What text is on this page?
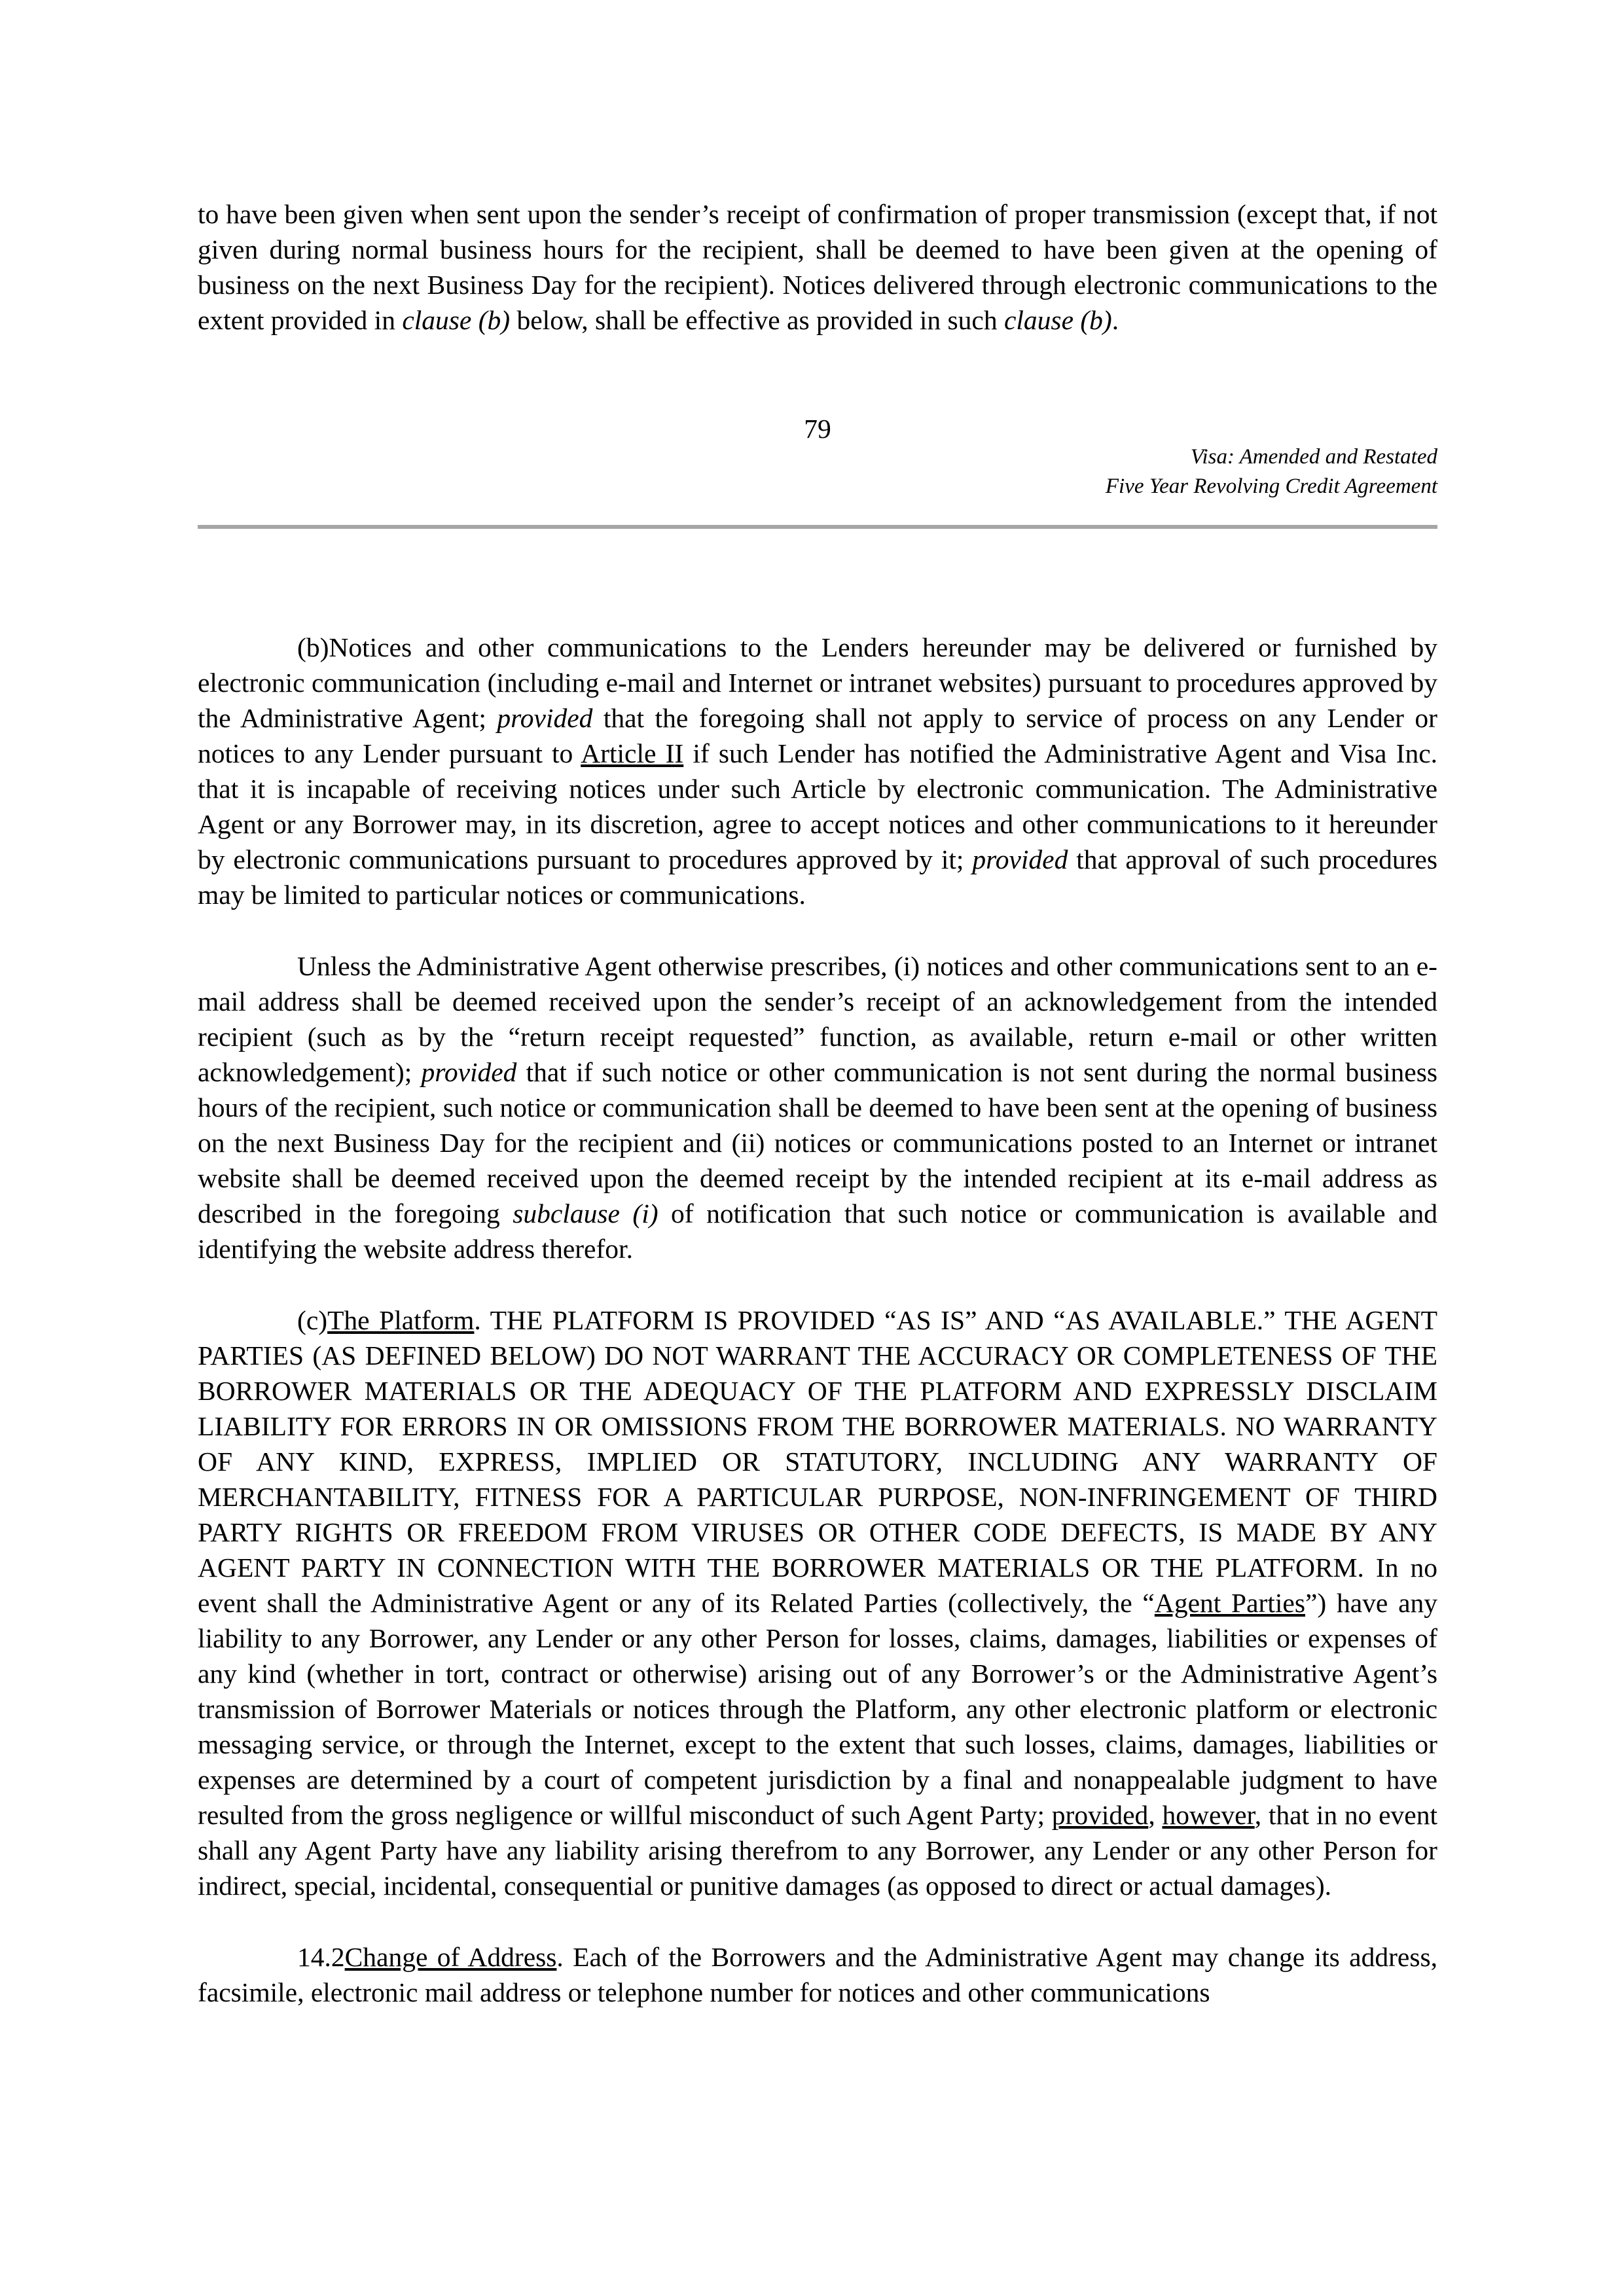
to have been given when sent upon the sender’s receipt of confirmation of proper transmission (except that, if not given during normal business hours for the recipient, shall be deemed to have been given at the opening of business on the next Business Day for the recipient). Notices delivered through electronic communications to the extent provided in clause (b) below, shall be effective as provided in such clause (b).

79
Visa: Amended and Restated
Five Year Revolving Credit Agreement

(b)Notices and other communications to the Lenders hereunder may be delivered or furnished by electronic communication (including e-mail and Internet or intranet websites) pursuant to procedures approved by the Administrative Agent; provided that the foregoing shall not apply to service of process on any Lender or notices to any Lender pursuant to Article II if such Lender has notified the Administrative Agent and Visa Inc. that it is incapable of receiving notices under such Article by electronic communication. The Administrative Agent or any Borrower may, in its discretion, agree to accept notices and other communications to it hereunder by electronic communications pursuant to procedures approved by it; provided that approval of such procedures may be limited to particular notices or communications.

Unless the Administrative Agent otherwise prescribes, (i) notices and other communications sent to an e-mail address shall be deemed received upon the sender’s receipt of an acknowledgement from the intended recipient (such as by the “return receipt requested” function, as available, return e-mail or other written acknowledgement); provided that if such notice or other communication is not sent during the normal business hours of the recipient, such notice or communication shall be deemed to have been sent at the opening of business on the next Business Day for the recipient and (ii) notices or communications posted to an Internet or intranet website shall be deemed received upon the deemed receipt by the intended recipient at its e-mail address as described in the foregoing subclause (i) of notification that such notice or communication is available and identifying the website address therefor.

(c)The Platform. THE PLATFORM IS PROVIDED “AS IS” AND “AS AVAILABLE.” THE AGENT PARTIES (AS DEFINED BELOW) DO NOT WARRANT THE ACCURACY OR COMPLETENESS OF THE BORROWER MATERIALS OR THE ADEQUACY OF THE PLATFORM AND EXPRESSLY DISCLAIM LIABILITY FOR ERRORS IN OR OMISSIONS FROM THE BORROWER MATERIALS. NO WARRANTY OF ANY KIND, EXPRESS, IMPLIED OR STATUTORY, INCLUDING ANY WARRANTY OF MERCHANTABILITY, FITNESS FOR A PARTICULAR PURPOSE, NON-INFRINGEMENT OF THIRD PARTY RIGHTS OR FREEDOM FROM VIRUSES OR OTHER CODE DEFECTS, IS MADE BY ANY AGENT PARTY IN CONNECTION WITH THE BORROWER MATERIALS OR THE PLATFORM. In no event shall the Administrative Agent or any of its Related Parties (collectively, the “Agent Parties”) have any liability to any Borrower, any Lender or any other Person for losses, claims, damages, liabilities or expenses of any kind (whether in tort, contract or otherwise) arising out of any Borrower’s or the Administrative Agent’s transmission of Borrower Materials or notices through the Platform, any other electronic platform or electronic messaging service, or through the Internet, except to the extent that such losses, claims, damages, liabilities or expenses are determined by a court of competent jurisdiction by a final and nonappealable judgment to have resulted from the gross negligence or willful misconduct of such Agent Party; provided, however, that in no event shall any Agent Party have any liability arising therefrom to any Borrower, any Lender or any other Person for indirect, special, incidental, consequential or punitive damages (as opposed to direct or actual damages).

14.2Change of Address. Each of the Borrowers and the Administrative Agent may change its address, facsimile, electronic mail address or telephone number for notices and other communications
